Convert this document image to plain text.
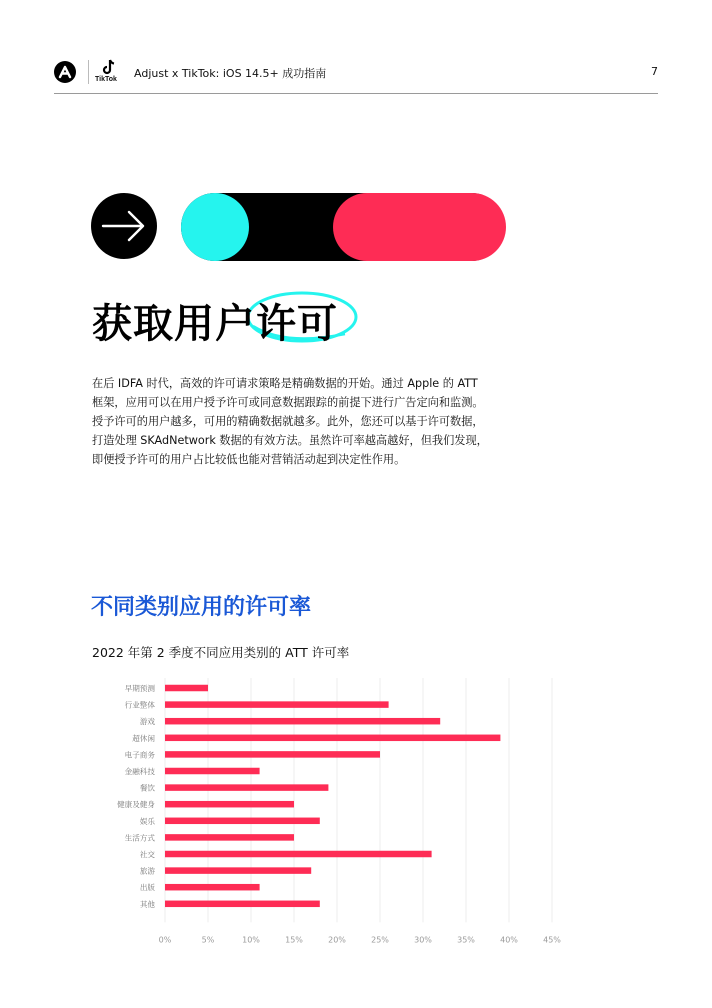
TikTok Adjust x TikTok: iOS 14.5+ 成功指南	7
获取用户许可

在后 IDFA 时代，高效的许可请求策略是精确数据的开始。通过 Apple 的 ATT

框架，应用可以在用户授予许可或同意数据跟踪的前提下进行广告定向和监测。

授予许可的用户越多，可用的精确数据就越多。此外，您还可以基于许可数据，

打造处理 SKAdNetwork 数据的有效方法。虽然许可率越高越好，但我们发现，

即便授予许可的用户占比较低也能对营销活动起到决定性作用。

不同类别应用的许可率
2022 年第 2 季度不同应用类别的 ATT 许可率
早期预测
行业整体
游戏
超休闲
电子商务
金融科技
餐饮
健康及健身
娱乐
生活方式
社交
旅游
出版
其他
0%	5%	10%	15%	20%	25%	30%	35%	40%	45%
